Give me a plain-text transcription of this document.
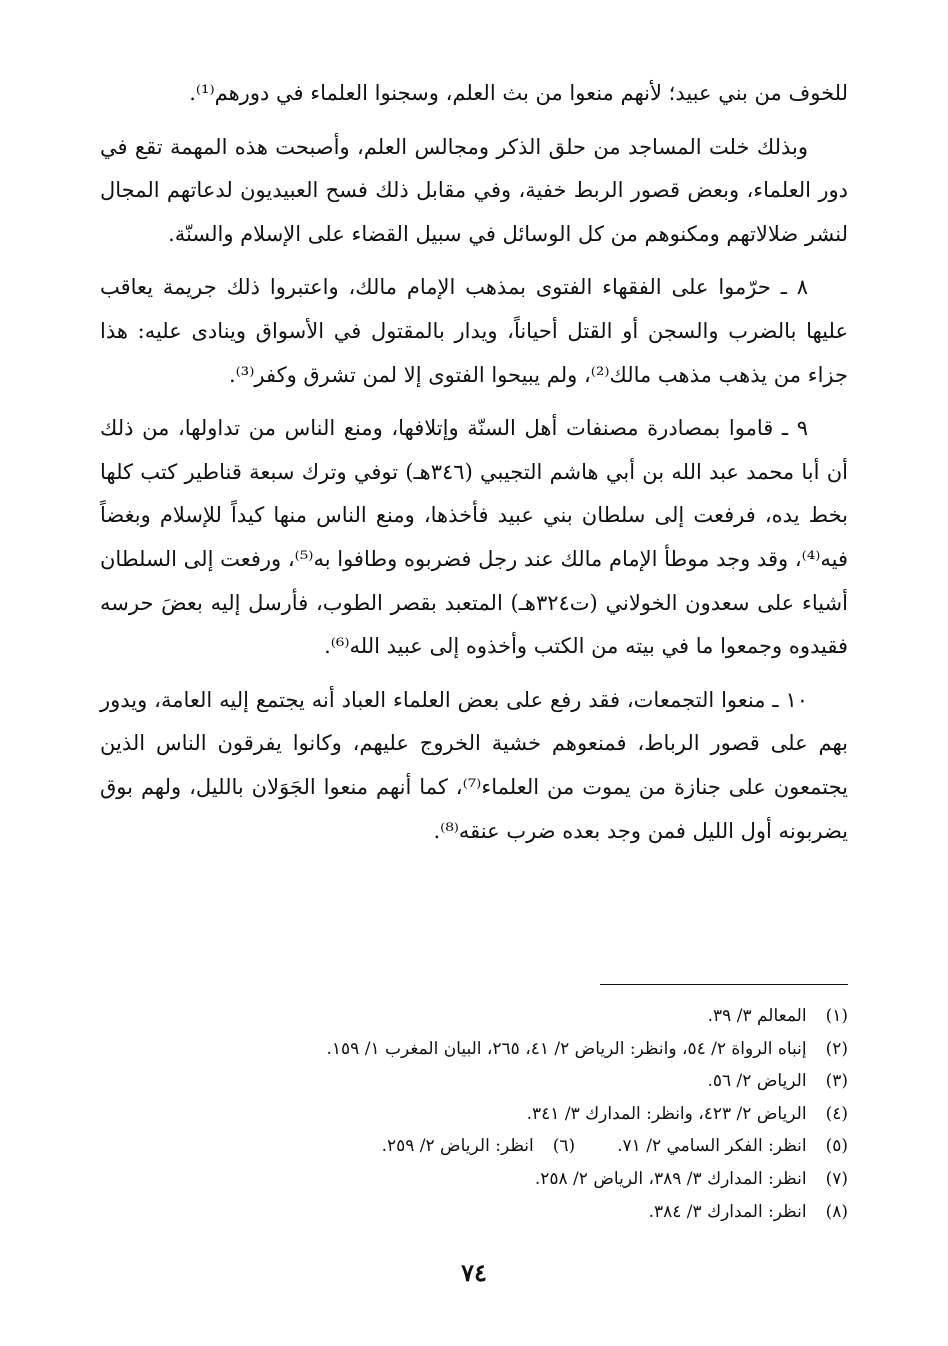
للخوف من بني عبيد؛ لأنهم منعوا من بث العلم، وسجنوا العلماء في دورهم⁽¹⁾.

وبذلك خلت المساجد من حلق الذكر ومجالس العلم، وأصبحت هذه المهمة تقع في دور العلماء، وبعض قصور الربط خفية، وفي مقابل ذلك فسح العبيديون لدعاتهم المجال لنشر ضلالاتهم ومكنوهم من كل الوسائل في سبيل القضاء على الإسلام والسنّة.

٨ ـ حرّموا على الفقهاء الفتوى بمذهب الإمام مالك، واعتبروا ذلك جريمة يعاقب عليها بالضرب والسجن أو القتل أحياناً، ويدار بالمقتول في الأسواق وينادى عليه: هذا جزاء من يذهب مذهب مالك⁽²⁾، ولم يبيحوا الفتوى إلا لمن تشرق وكفر⁽³⁾.

٩ ـ قاموا بمصادرة مصنفات أهل السنّة وإتلافها، ومنع الناس من تداولها، من ذلك أن أبا محمد عبد الله بن أبي هاشم التجيبي (٣٤٦هـ) توفي وترك سبعة قناطير كتب كلها بخط يده، فرفعت إلى سلطان بني عبيد فأخذها، ومنع الناس منها كيداً للإسلام وبغضاً فيه⁽⁴⁾، وقد وجد موطأ الإمام مالك عند رجل فضربوه وطافوا به⁽⁵⁾، ورفعت إلى السلطان أشياء على سعدون الخولاني (ت٣٢٤هـ) المتعبد بقصر الطوب، فأرسل إليه بعضَ حرسه فقيدوه وجمعوا ما في بيته من الكتب وأخذوه إلى عبيد الله⁽⁶⁾.

١٠ ـ منعوا التجمعات، فقد رفع على بعض العلماء العباد أنه يجتمع إليه العامة، ويدور بهم على قصور الرباط، فمنعوهم خشية الخروج عليهم، وكانوا يفرقون الناس الذين يجتمعون على جنازة من يموت من العلماء⁽⁷⁾، كما أنهم منعوا الجَوَلان بالليل، ولهم بوق يضربونه أول الليل فمن وجد بعده ضرب عنقه⁽⁸⁾.

(١) المعالم ٣/ ٣٩.
(٢) إنباه الرواة ٢/ ٥٤، وانظر: الرياض ٢/ ٤١، ٢٦٥، البيان المغرب ١/ ١٥٩.
(٣) الرياض ٢/ ٥٦.
(٤) الرياض ٢/ ٤٢٣، وانظر: المدارك ٣/ ٣٤١.
(٥) انظر: الفكر السامي ٢/ ٧١.
(٦) انظر: الرياض ٢/ ٢٥٩.
(٧) انظر: المدارك ٣/ ٣٨٩، الرياض ٢/ ٢٥٨.
(٨) انظر: المدارك ٣/ ٣٨٤.
٧٤
